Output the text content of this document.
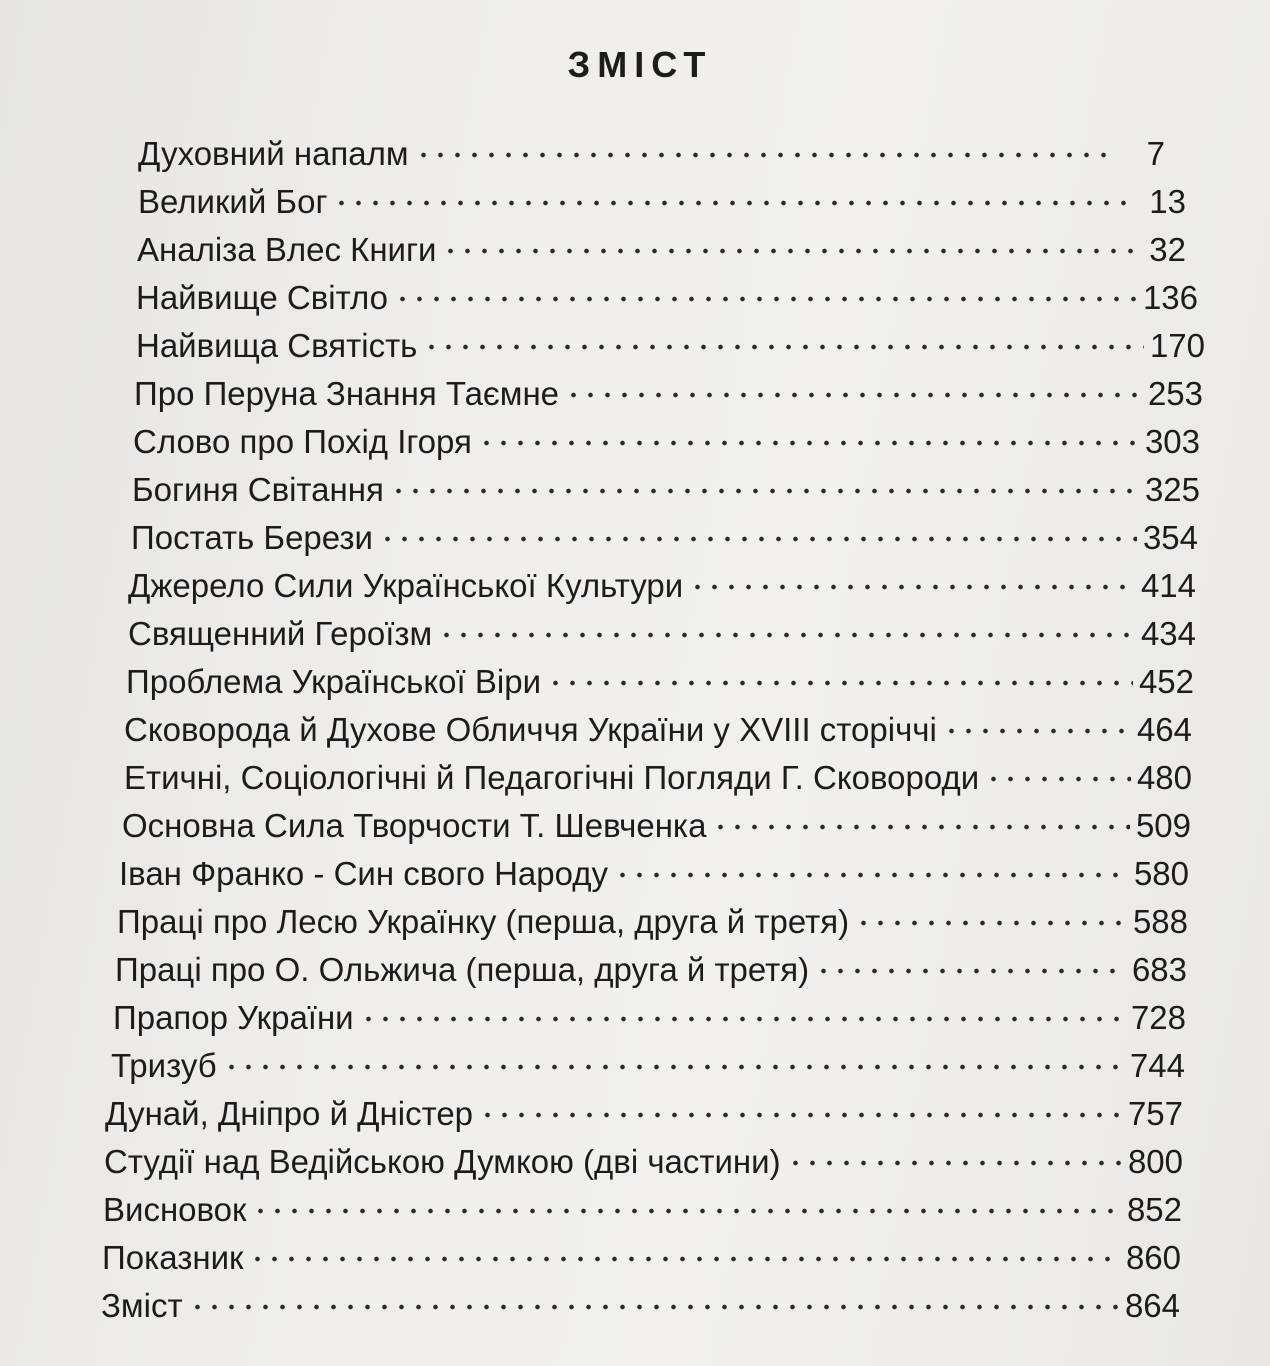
ЗМІСТ
Духовний напалм	7
Великий Бог	13
Аналіза Влес Книги	32
Найвище Світло	136
Найвища Святість	170
Про Перуна Знання Таємне	253
Слово про Похід Ігоря	303
Богиня Світання	325
Постать Берези	354
Джерело Сили Української Культури	414
Священний Героїзм	434
Проблема Української Віри	452
Сковорода й Духове Обличчя України у XVIII сторіччі	464
Етичні, Соціологічні й Педагогічні Погляди Г. Сковороди	480
Основна Сила Творчости Т. Шевченка	509
Іван Франко - Син свого Народу	580
Праці про Лесю Українку (перша, друга й третя)	588
Праці про О. Ольжича (перша, друга й третя)	683
Прапор України	728
Тризуб	744
Дунай, Дніпро й Дністер	757
Студії над Ведійською Думкою (дві частини)	800
Висновок	852
Показник	860
Зміст	864
